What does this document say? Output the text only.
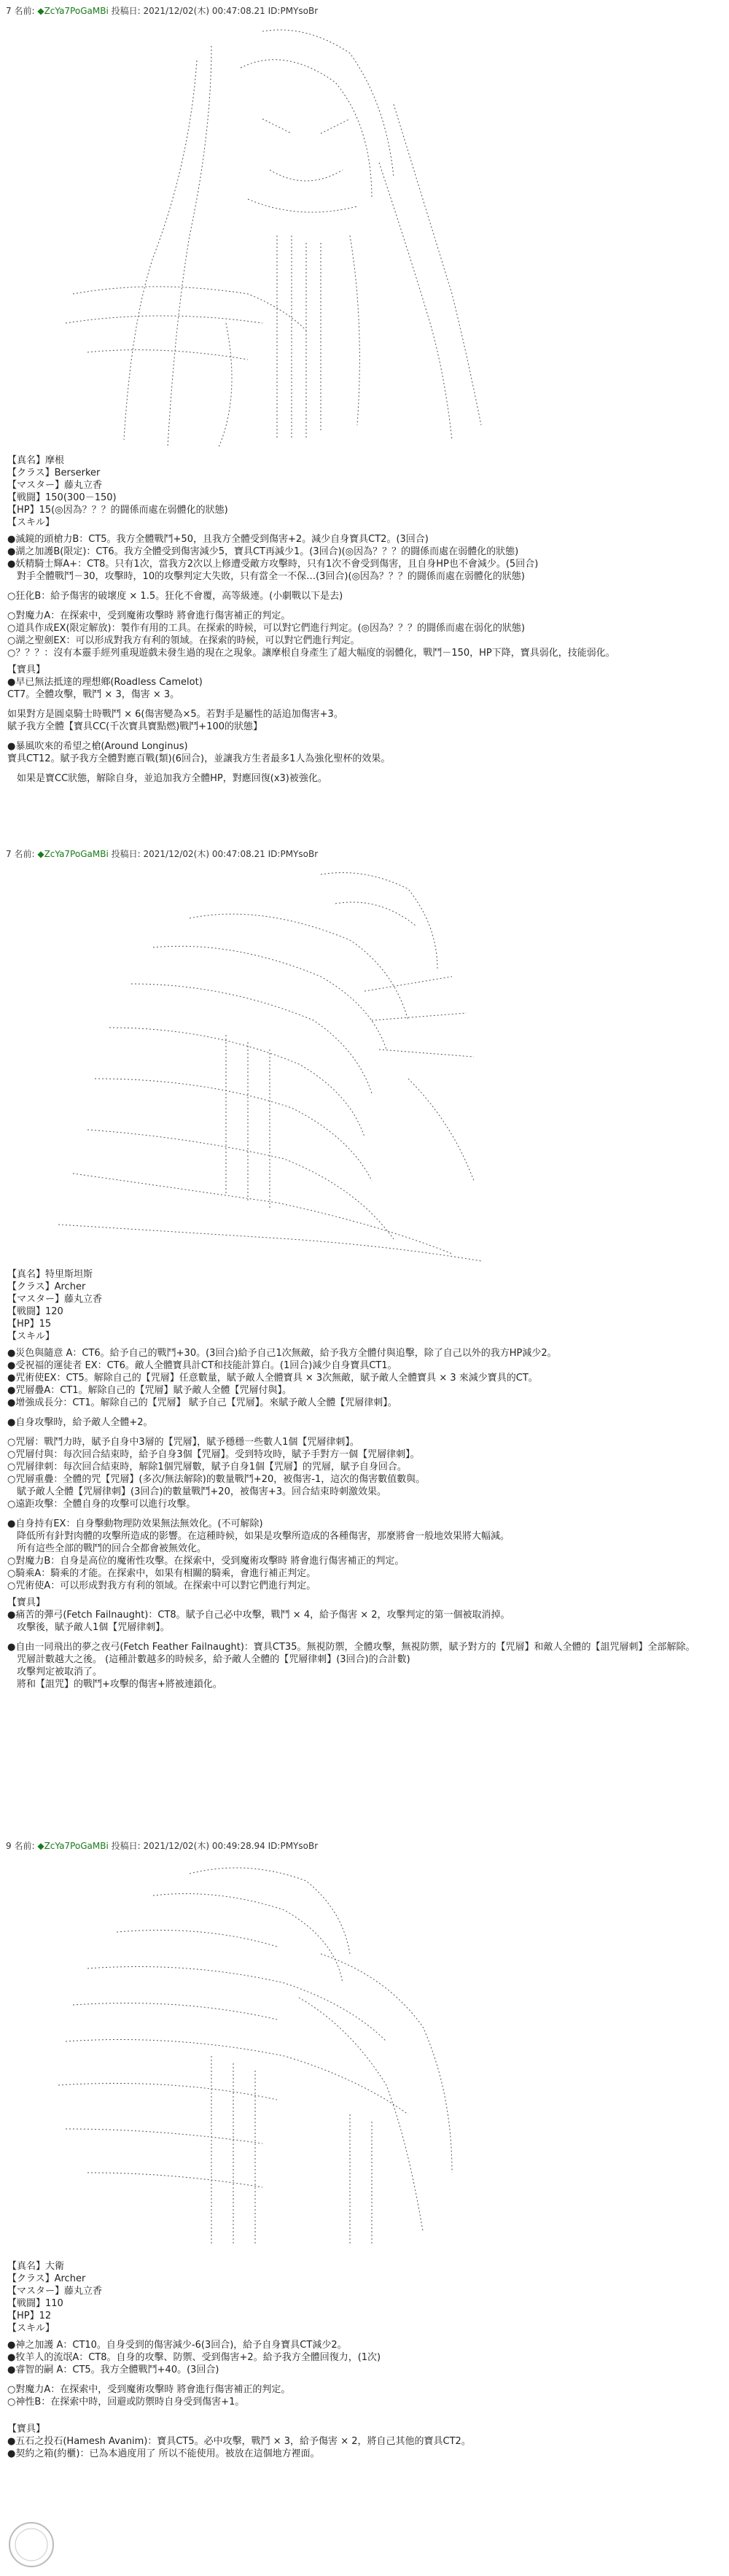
7 名前: ◆ZcYa7PoGaMBi 投稿日: 2021/12/02(木) 00:47:08.21 ID:PMYsoBr

【真名】摩根

【クラス】Berserker

【マスター】藤丸立香

【戦闘】150(300－150)

【HP】15(◎因為？？？的闘係而處在弱體化的狀態)

【スキル】

●滅鏡的頭槍力B：CT5。我方全體戰鬥+50，且我方全體受到傷害+2。減少自身寶具CT2。(3回合)

●湖之加護B(限定)：CT6。我方全體受到傷害減少5，寶具CT再減少1。(3回合)(◎因為？？？的闘係而處在弱體化的狀態)

●妖精騎士輝A+：CT8。只有1次，當我方2次以上修遭受敵方攻擊時，只有1次不會受到傷害，且自身HP也不會減少。(5回合)

　對手全體戰鬥－30，攻擊時，10的攻擊判定大失敗，只有當全一不保…(3回合)(◎因為？？？的闘係而處在弱體化的狀態)

○狂化B：給予傷害的破壞度 × 1.5。狂化不會覆，高等級連。(小劇戰以下是去)

○對魔力A：在探索中，受到魔術攻擊時 將會進行傷害補正的判定。

○道具作成EX(限定解放)：製作有用的工具。在探索的時候，可以對它們進行判定。(◎因為？？？的闘係而處在弱化的狀態)

○湖之聖劍EX：可以形成對我方有利的領域。在探索的時候，可以對它們進行判定。

○？？？：沒有本靈手經列重現遊戲未發生過的現在之現象。讓摩根自身產生了超大幅度的弱體化，戰鬥－150，HP下降，寶具弱化，技能弱化。

【寶具】

●早已無法抵達的理想鄉(Roadless Camelot)

CT7。全體攻擊，戰鬥 × 3，傷害 × 3。

如果對方是圓桌騎士時戰鬥 × 6(傷害變為×5。若對手是屬性的話追加傷害+3。

賦予我方全體【寶具CC(千次寶具寶點燃)戰鬥+100的狀態】

●暴風吹來的希望之槍(Around Longinus)

寶具CT12。賦予我方全體對應百戰(類)(6回合)，並讓我方生者最多1人為強化聖杯的效果。

　如果是寶CC狀態，解除自身，並追加我方全體HP，對應回復(x3)被強化。

7 名前: ◆ZcYa7PoGaMBi 投稿日: 2021/12/02(木) 00:47:08.21 ID:PMYsoBr

【真名】特里斯坦斯

【クラス】Archer

【マスター】藤丸立香

【戦闘】120

【HP】15

【スキル】

●災色與隨意 A：CT6。給予自己的戰鬥+30。(3回合)給予自己1次無敵，給予我方全體付與追擊，除了自己以外的我方HP減少2。

●受祝福的運徒者 EX：CT6。敵人全體寶具計CT和技能計算白。(1回合)減少自身寶具CT1。

●咒術使EX：CT5。解除自己的【咒層】任意數量，賦予敵人全體寶具 × 3次無敵，賦予敵人全體寶具 × 3 來減少寶具的CT。

●咒層疊A：CT1。解除自己的【咒層】賦予敵人全體【咒層付與】。

●增強成長分：CT1。解除自己的【咒層】 賦予自己【咒層】。來賦予敵人全體【咒層律刺】。

●自身攻擊時，給予敵人全體+2。

○咒層：戰鬥力時，賦予自身中3層的【咒層】，賦予穩穩一些數人1個【咒層律刺】。

○咒層付與：每次回合結束時，給予自身3個【咒層】。受到特攻時，賦予手對方一個【咒層律刺】。

○咒層律刺：每次回合結束時，解除1個咒層數，賦予自身1個【咒層】的咒層，賦予自身回合。

○咒層重疊：全體的咒【咒層】(多次/無法解除)的數量戰鬥+20，被傷害-1，這次的傷害數值數與。

　賦予敵人全體【咒層律刺】(3回合)的數量戰鬥+20，被傷害+3。回合結束時刺激效果。

○遠距攻擊：全體自身的攻擊可以進行攻擊。

●自身持有EX：自身擊動物理防效果無法無效化。(不可解除)

　降低所有針對肉體的攻擊所造成的影響。在這種時候，如果是攻擊所造成的各種傷害，那麼將會一般地效果將大幅減。

　所有這些全部的戰鬥的回合全都會被無效化。

○對魔力B：自身是高位的魔術性攻擊。在探索中，受到魔術攻擊時 將會進行傷害補正的判定。

○騎乘A：騎乘的才能。在探索中，如果有相關的騎乘，會進行補正判定。

○咒術使A：可以形成對我方有利的領域。在探索中可以對它們進行判定。

【寶具】

●痛苦的彈弓(Fetch Failnaught)：CT8。賦予自己必中攻擊，戰鬥 × 4，給予傷害 × 2，攻擊判定的第一個被取消掉。

　攻擊後，賦予敵人1個【咒層律刺】。

●自由一同飛出的夢之夜弓(Fetch Feather Failnaught)：寶具CT35。無視防禦，全體攻擊，無視防禦，賦予對方的【咒層】和敵人全體的【詛咒層刺】全部解除。

　咒層計數越大之後。 (這種計數越多的時候多，給予敵人全體的【咒層律刺】(3回合)的合計數)

　攻擊判定被取消了。

　將和【詛咒】的戰鬥+攻擊的傷害+將被連鎖化。

9 名前: ◆ZcYa7PoGaMBi 投稿日: 2021/12/02(木) 00:49:28.94 ID:PMYsoBr

【真名】大衛

【クラス】Archer

【マスター】藤丸立香

【戦闘】110

【HP】12

【スキル】

●神之加護 A：CT10。自身受到的傷害減少-6(3回合)，給予自身寶具CT減少2。

●牧羊人的流氓A：CT8。自身的攻擊、防禦、受到傷害+2。給予我方全體回復力，(1次)

●睿智的嗣 A：CT5。我方全體戰鬥+40。(3回合)

○對魔力A：在探索中，受到魔術攻擊時 將會進行傷害補正的判定。

○神性B：在探索中時，回避或防禦時自身受到傷害+1。

【寶具】

●五石之投石(Hamesh Avanim)：寶具CT5。必中攻擊，戰鬥 × 3，給予傷害 × 2，將自己其他的寶具CT2。

●契約之箱(約櫃)：已為本過度用了 所以不能使用。被放在這個地方裡面。
